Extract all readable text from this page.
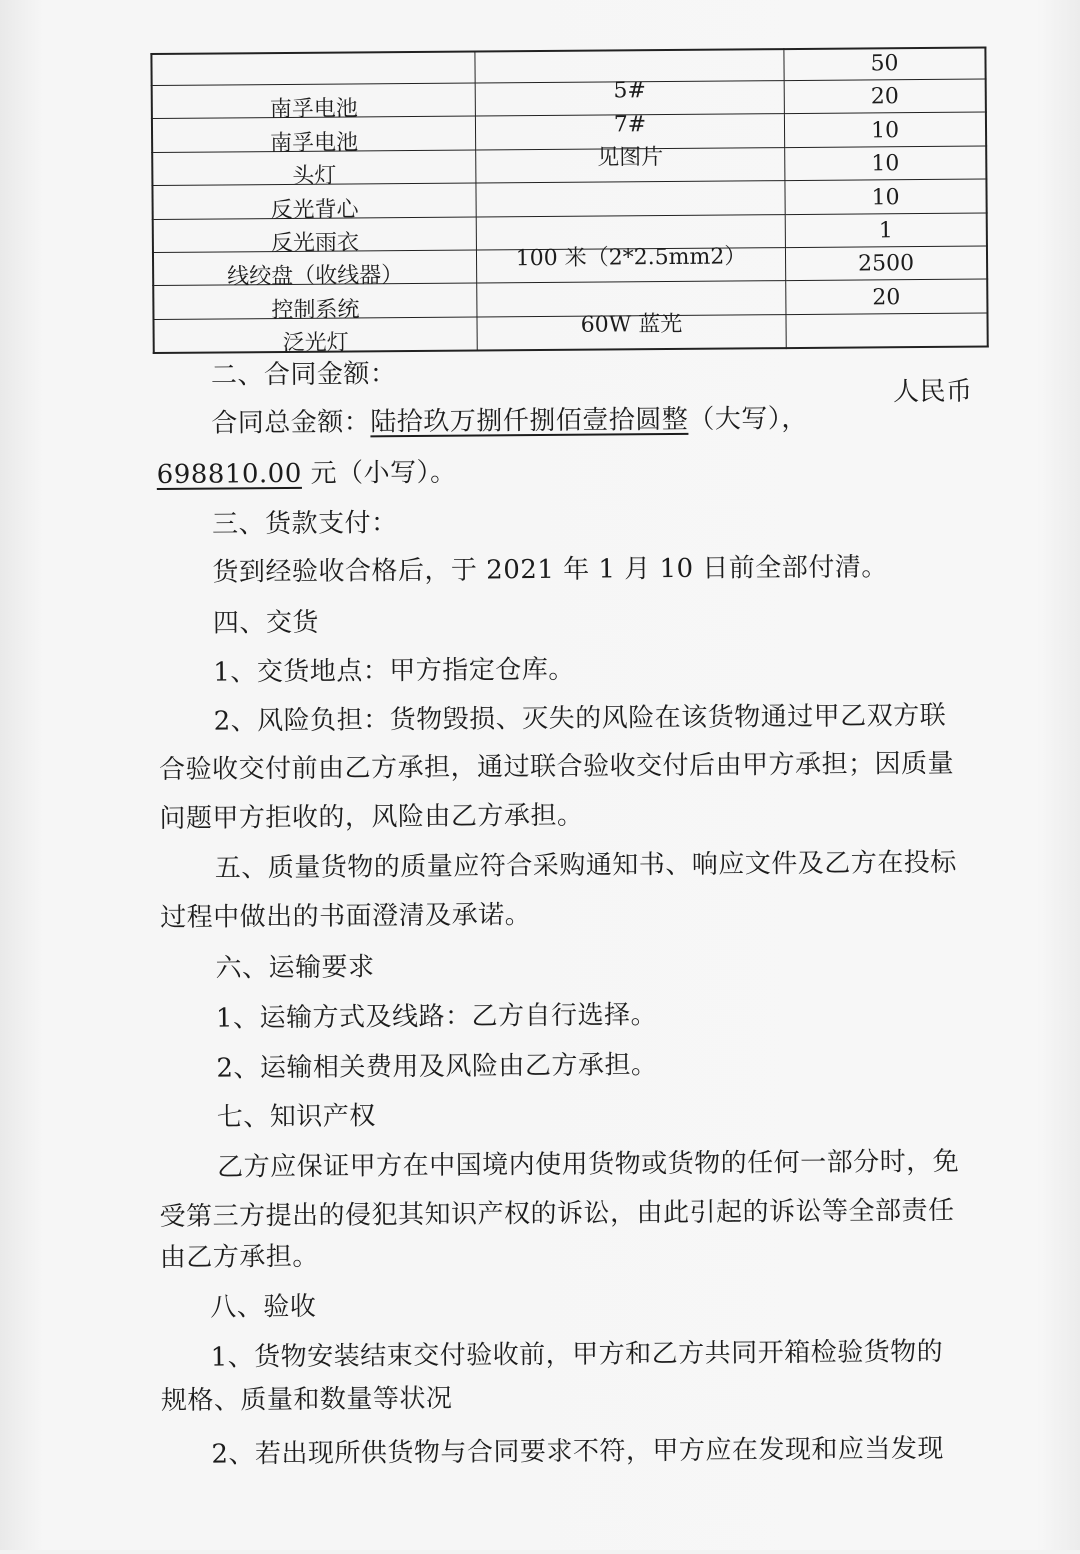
		50
南孚电池	5#	20
南孚电池	7#	10
头灯	见图片	10
反光背心		10
反光雨衣		1
线绞盘（收线器）	100 米（2*2.5mm2）	2500
控制系统		20
泛光灯	60W 蓝光	
二、合同金额：
合同总金额：陆拾玖万捌仟捌佰壹拾圆整（大写），
人民币
698810.00 元（小写）。
三、货款支付：
货到经验收合格后，于 2021 年 1 月 10 日前全部付清。
四、交货
1、交货地点：甲方指定仓库。
2、风险负担：货物毁损、灭失的风险在该货物通过甲乙双方联
合验收交付前由乙方承担，通过联合验收交付后由甲方承担；因质量
问题甲方拒收的，风险由乙方承担。
五、质量货物的质量应符合采购通知书、响应文件及乙方在投标
过程中做出的书面澄清及承诺。
六、运输要求
1、运输方式及线路：乙方自行选择。
2、运输相关费用及风险由乙方承担。
七、知识产权
乙方应保证甲方在中国境内使用货物或货物的任何一部分时，免
受第三方提出的侵犯其知识产权的诉讼，由此引起的诉讼等全部责任
由乙方承担。
八、验收
1、货物安装结束交付验收前，甲方和乙方共同开箱检验货物的
规格、质量和数量等状况
2、若出现所供货物与合同要求不符，甲方应在发现和应当发现
